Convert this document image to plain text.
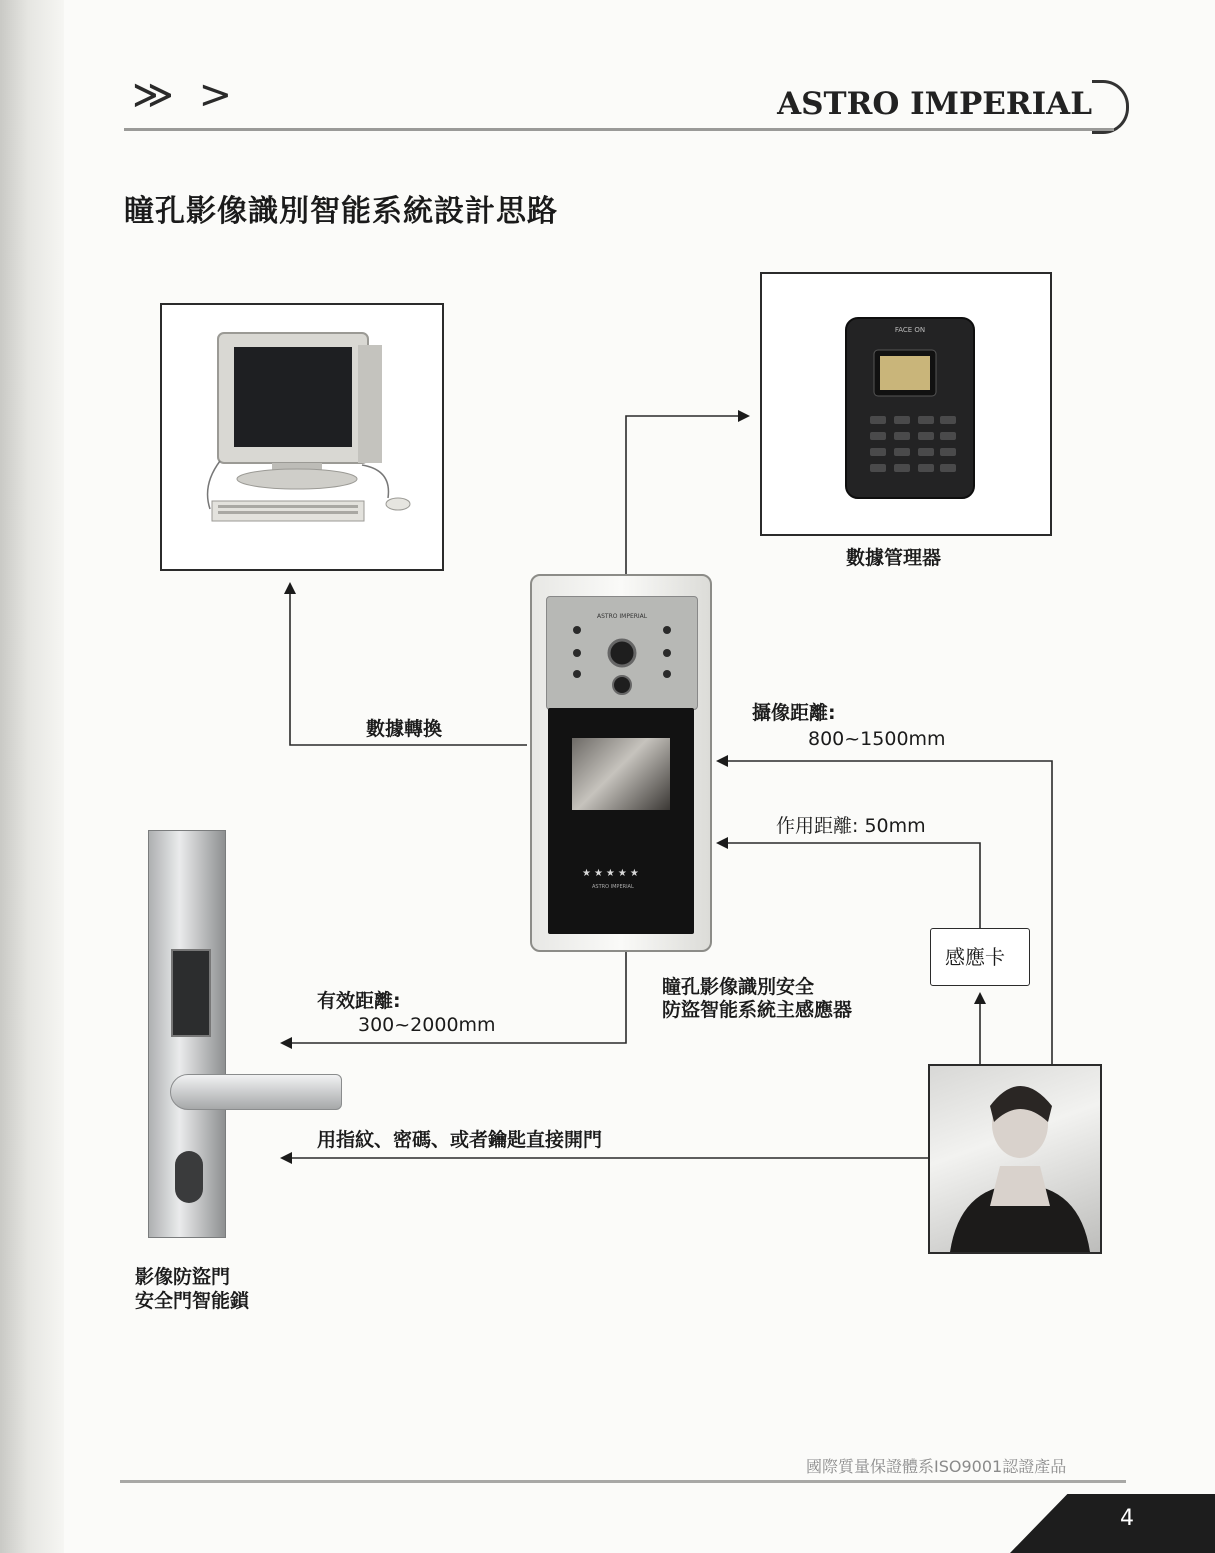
≫ >	ASTRO IMPERIAL
瞳孔影像識別智能系統設計思路
FACE ON
數據管理器
ASTRO IMPERIAL
★★★★★
ASTRO IMPERIAL
瞳孔影像識別安全
防盜智能系統主感應器
影像防盜門
安全門智能鎖
感應卡
數據轉換
攝像距離:
800~1500mm
作用距離: 50mm
有效距離:
300~2000mm
用指紋、密碼、或者鑰匙直接開門
國際質量保證體系ISO9001認證產品
4
